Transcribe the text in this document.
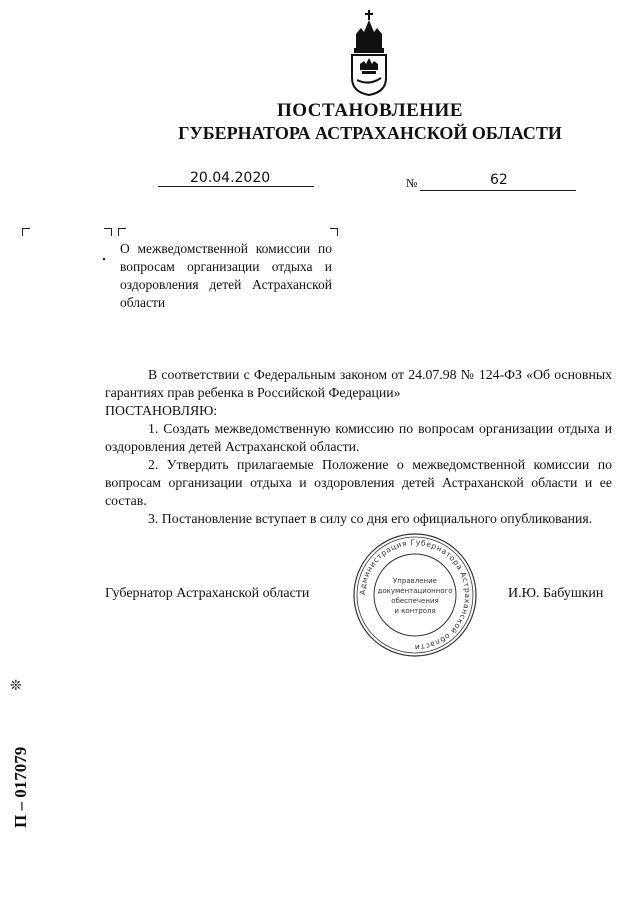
ПОСТАНОВЛЕНИЕ
ГУБЕРНАТОРА АСТРАХАНСКОЙ ОБЛАСТИ
20.04.2020	№	62

О межведомственной комиссии по вопросам организации отдыха и оздоровления детей Астраханской области

В соответствии с Федеральным законом от 24.07.98 № 124-ФЗ «Об основных гарантиях прав ребенка в Российской Федерации»

ПОСТАНОВЛЯЮ:

1. Создать межведомственную комиссию по вопросам организации отдыха и оздоровления детей Астраханской области.

2. Утвердить прилагаемые Положение о межведомственной комиссии по вопросам организации отдыха и оздоровления детей Астраханской области и ее состав.

3. Постановление вступает в силу со дня его официального опубликования.

Губернатор Астраханской области	И.Ю. Бабушкин
Администрация Губернатора Астраханской области
Управление
документационного
обеспечения
и контроля
❊
П – 017079
